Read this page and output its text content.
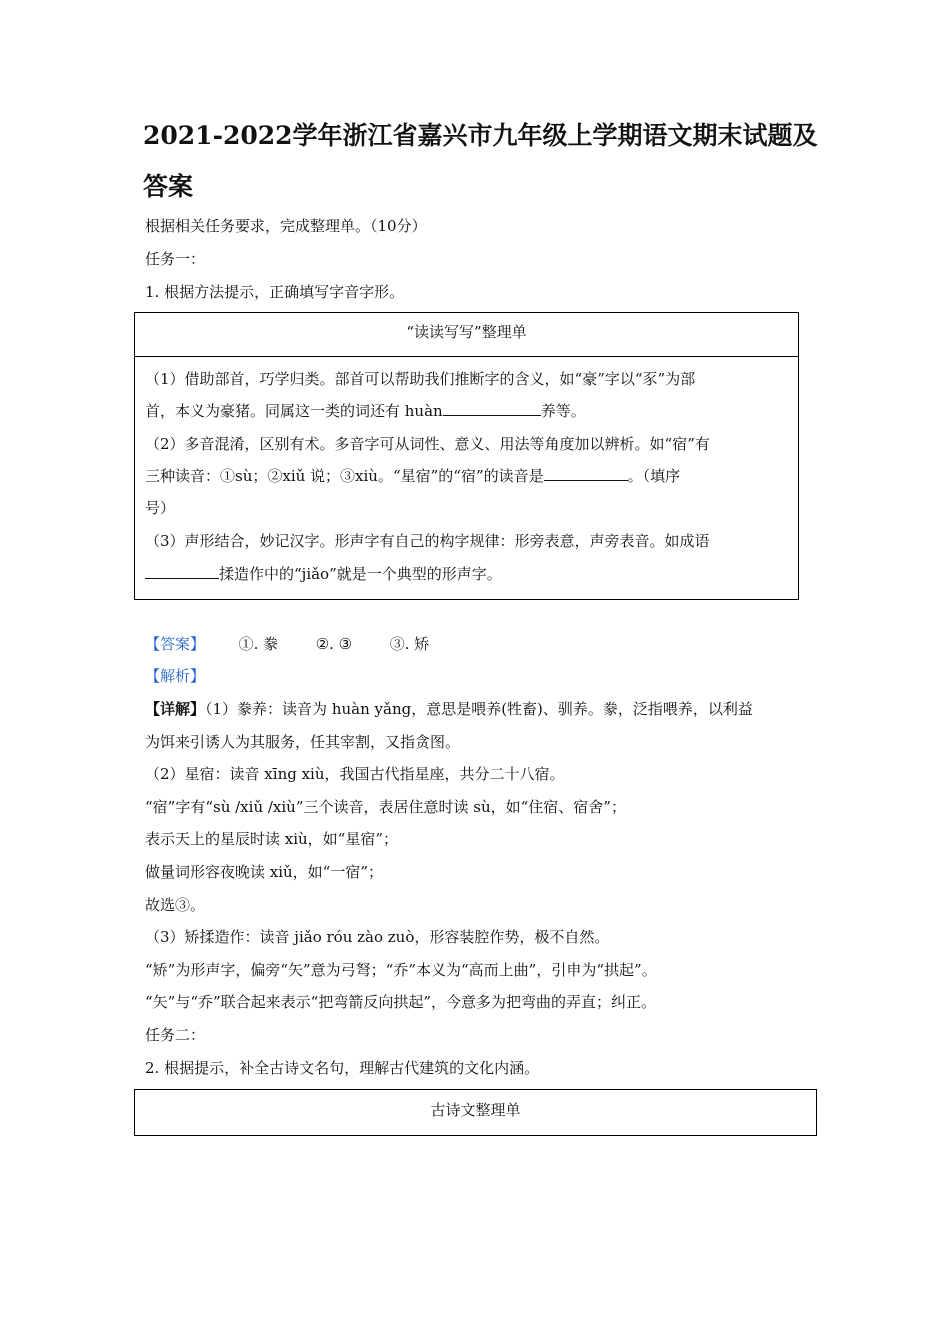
2021-2022学年浙江省嘉兴市九年级上学期语文期末试题及
答案
根据相关任务要求，完成整理单。（10分）
任务一：
1. 根据方法提示，正确填写字音字形。
“读读写写”整理单
（1）借助部首，巧学归类。部首可以帮助我们推断字的含义，如“豪”字以“豕”为部
首，本义为豪猪。同属这一类的词还有 huàn	养等。
（2）多音混淆，区别有术。多音字可从词性、意义、用法等角度加以辨析。如“宿”有
三种读音：①sù；②xiǔ 说；③xiù。“星宿”的“宿”的读音是	。（填序
号）
（3）声形结合，妙记汉字。形声字有自己的构字规律：形旁表意，声旁表音。如成语
揉造作中的“jiǎo”就是一个典型的形声字。
【答案】 ①. 豢	②. ③	③. 矫
【解析】
【详解】（1）豢养：读音为 huàn yǎng，意思是喂养(牲畜)、驯养。豢，泛指喂养，以利益
为饵来引诱人为其服务，任其宰割，又指贪图。
（2）星宿：读音 xīng xiù，我国古代指星座，共分二十八宿。
“宿”字有“sù /xiǔ /xiù”三个读音，表居住意时读 sù，如“住宿、宿舍”；
表示天上的星辰时读 xiù，如“星宿”；
做量词形容夜晚读 xiǔ，如“一宿”；
故选③。
（3）矫揉造作：读音 jiǎo róu zào zuò，形容装腔作势，极不自然。
“矫”为形声字，偏旁“矢”意为弓弩；“乔”本义为“高而上曲”，引申为“拱起”。
“矢”与“乔”联合起来表示“把弯箭反向拱起”，今意多为把弯曲的弄直；纠正。
任务二：
2. 根据提示，补全古诗文名句，理解古代建筑的文化内涵。
古诗文整理单
